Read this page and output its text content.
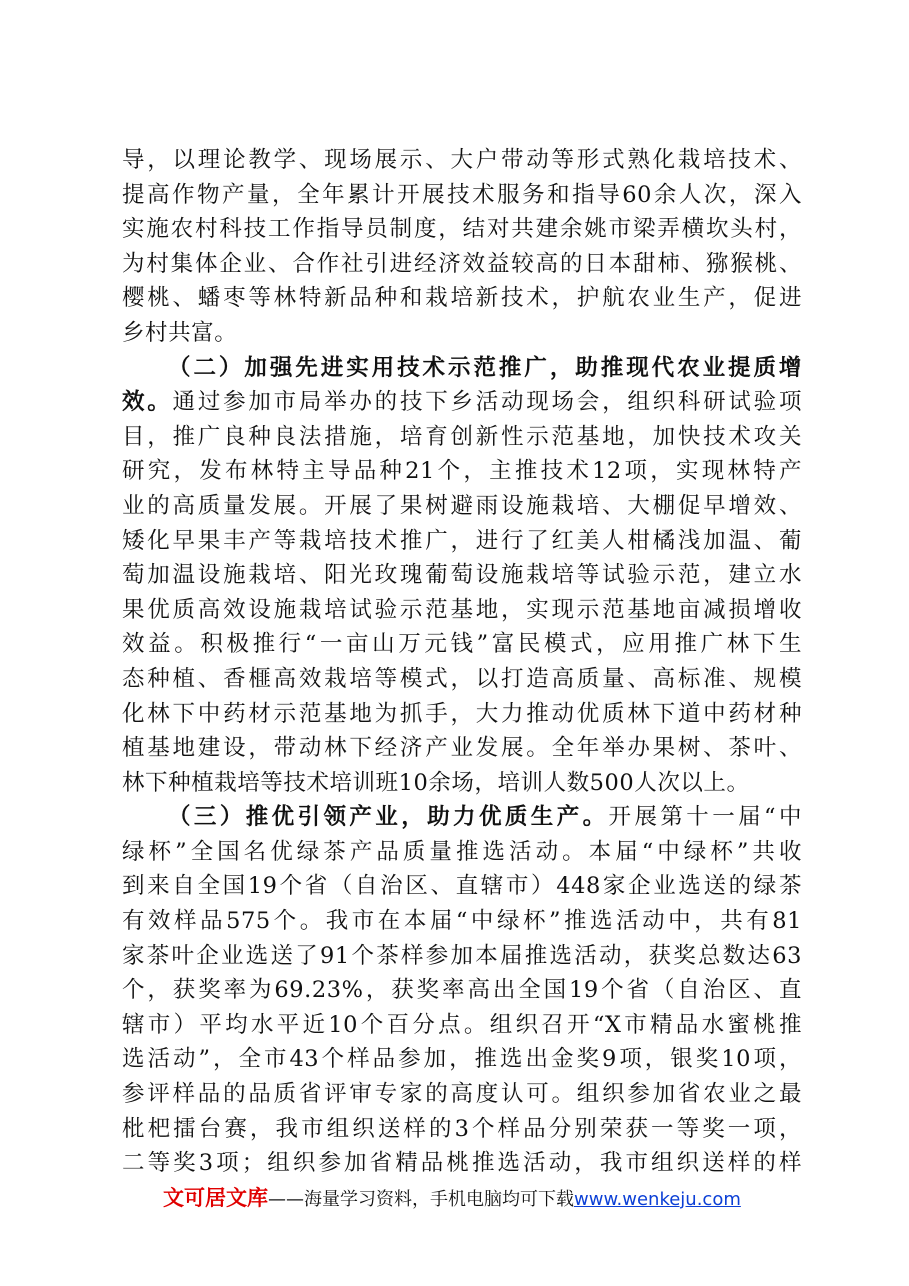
导，以理论教学、现场展示、大户带动等形式熟化栽培技术、
提高作物产量，全年累计开展技术服务和指导60余人次，深入
实施农村科技工作指导员制度，结对共建余姚市梁弄横坎头村，
为村集体企业、合作社引进经济效益较高的日本甜柿、猕猴桃、
樱桃、蟠枣等林特新品种和栽培新技术，护航农业生产，促进
乡村共富。
（二）加强先进实用技术示范推广，助推现代农业提质增
效。通过参加市局举办的技下乡活动现场会，组织科研试验项
目，推广良种良法措施，培育创新性示范基地，加快技术攻关
研究，发布林特主导品种21个，主推技术12项，实现林特产
业的高质量发展。开展了果树避雨设施栽培、大棚促早增效、
矮化早果丰产等栽培技术推广，进行了红美人柑橘浅加温、葡
萄加温设施栽培、阳光玫瑰葡萄设施栽培等试验示范，建立水
果优质高效设施栽培试验示范基地，实现示范基地亩减损增收
效益。积极推行“一亩山万元钱”富民模式，应用推广林下生
态种植、香榧高效栽培等模式，以打造高质量、高标准、规模
化林下中药材示范基地为抓手，大力推动优质林下道中药材种
植基地建设，带动林下经济产业发展。全年举办果树、茶叶、
林下种植栽培等技术培训班10余场，培训人数500人次以上。
（三）推优引领产业，助力优质生产。开展第十一届“中
绿杯”全国名优绿茶产品质量推选活动。本届“中绿杯”共收
到来自全国19个省（自治区、直辖市）448家企业选送的绿茶
有效样品575个。我市在本届“中绿杯”推选活动中，共有81
家茶叶企业选送了91个茶样参加本届推选活动，获奖总数达63
个，获奖率为69.23%，获奖率高出全国19个省（自治区、直
辖市）平均水平近10个百分点。组织召开“X市精品水蜜桃推
选活动”，全市43个样品参加，推选出金奖9项，银奖10项，
参评样品的品质省评审专家的高度认可。组织参加省农业之最
枇杷擂台赛，我市组织送样的3个样品分别荣获一等奖一项，
二等奖3项；组织参加省精品桃推选活动，我市组织送样的样
文可居文库——海量学习资料，手机电脑均可下载www.wenkeju.com
